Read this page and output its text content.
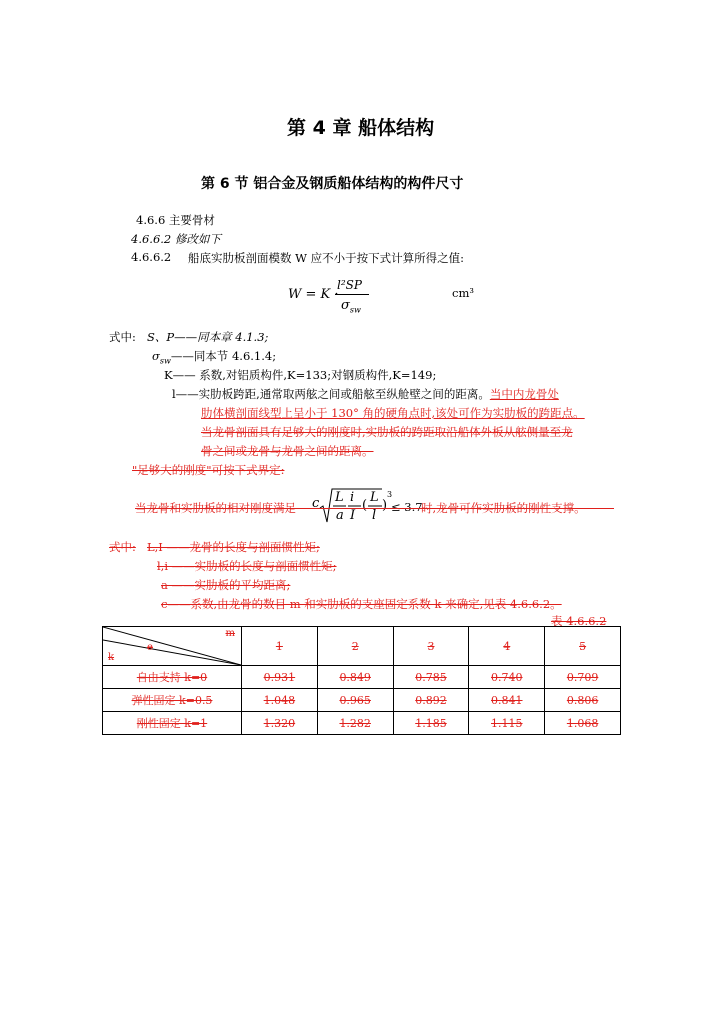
第 4 章 船体结构
第 6 节 铝合金及钢质船体结构的构件尺寸
4.6.6 主要骨材
4.6.6.2 修改如下
4.6.6.2 船底实肋板剖面模数 W 应不小于按下式计算所得之值:
W = K ·
l²SP
$\sigma_{sw}$
cm³
式中: S、P——同本章 4.1.3;
$\sigma_{sw}——$同本节 4.6.1.4;
K—— 系数,对铝质构件,K=133;对钢质构件,K=149;
l——实肋板跨距,通常取两舷之间或船舷至纵舱壁之间的距离。当中内龙骨处
肋体横剖面线型上呈小于 130° 角的硬角点时,该处可作为实肋板的跨距点。
当龙骨剖面具有足够大的刚度时,实肋板的跨距取沿船体外板从舷侧量至龙
骨之间或龙骨与龙骨之间的距离。
"足够大的刚度"可按下式界定:
当龙骨和实肋板的相对刚度满足 c L i
a I
(
L
l
)
3
≤ 3.7
时,龙骨可作实肋板的刚性支撑。
式中: L,I ——龙骨的长度与剖面惯性矩;
l,i ——实肋板的长度与剖面惯性矩;
a ——实肋板的平均距离;
c——系数,由龙骨的数目 m 和实肋板的支座固定系数 k 来确定,见表 4.6.6.2。
表 4.6.6.2
m
e
k	1	2	3	4	5
自由支持 k=0	0.931	0.849	0.785	0.740	0.709
弹性固定 k=0.5	1.048	0.965	0.892	0.841	0.806
刚性固定 k=1	1.320	1.282	1.185	1.115	1.068
